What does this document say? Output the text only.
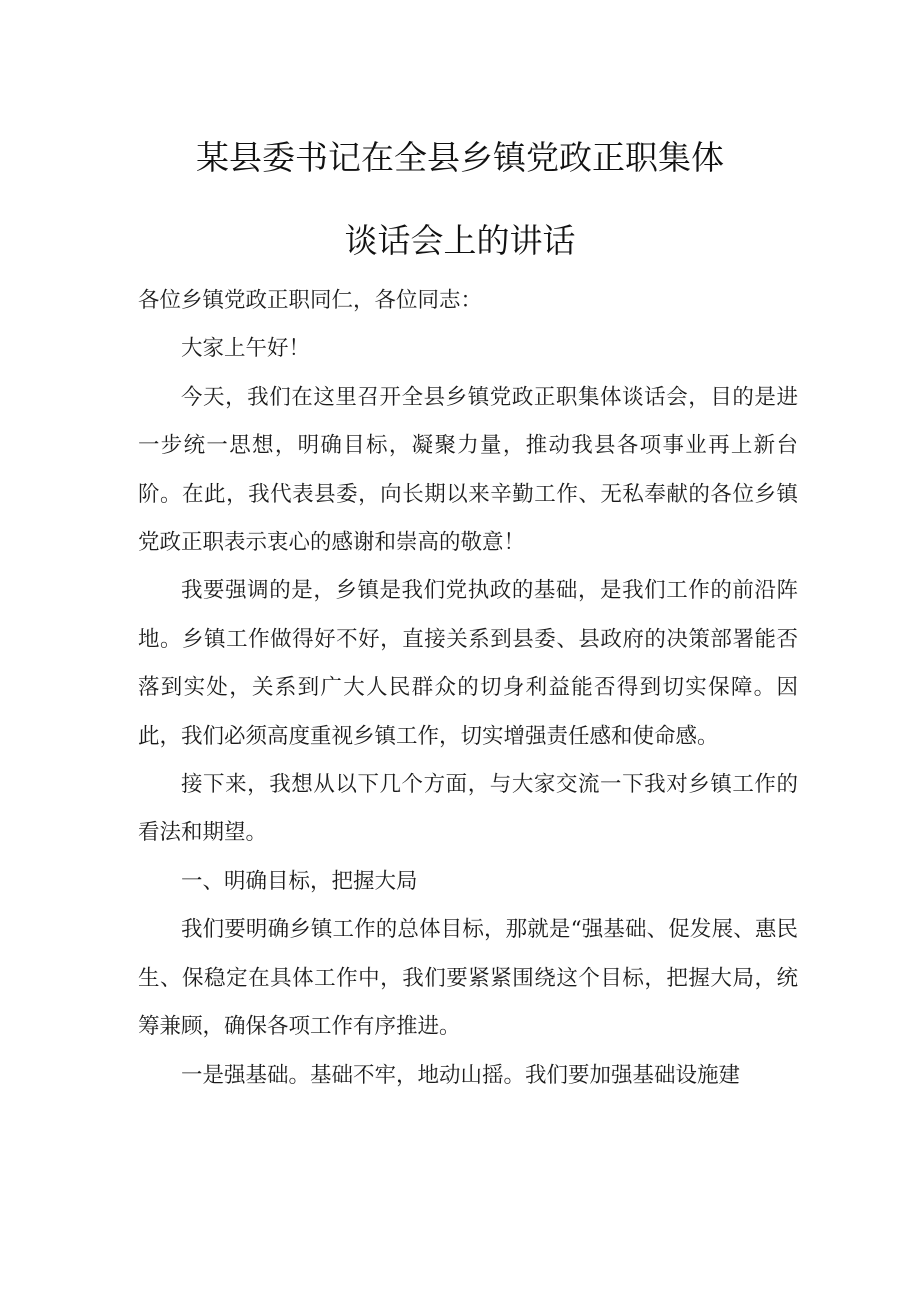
某县委书记在全县乡镇党政正职集体
谈话会上的讲话

各位乡镇党政正职同仁，各位同志：

大家上午好！

今天，我们在这里召开全县乡镇党政正职集体谈话会，目的是进一步统一思想，明确目标，凝聚力量，推动我县各项事业再上新台阶。在此，我代表县委，向长期以来辛勤工作、无私奉献的各位乡镇党政正职表示衷心的感谢和崇高的敬意！

我要强调的是，乡镇是我们党执政的基础，是我们工作的前沿阵地。乡镇工作做得好不好，直接关系到县委、县政府的决策部署能否落到实处，关系到广大人民群众的切身利益能否得到切实保障。因此，我们必须高度重视乡镇工作，切实增强责任感和使命感。

接下来，我想从以下几个方面，与大家交流一下我对乡镇工作的看法和期望。

一、明确目标，把握大局

我们要明确乡镇工作的总体目标，那就是“强基础、促发展、惠民生、保稳定在具体工作中，我们要紧紧围绕这个目标，把握大局，统筹兼顾，确保各项工作有序推进。

一是强基础。基础不牢，地动山摇。我们要加强基础设施建
